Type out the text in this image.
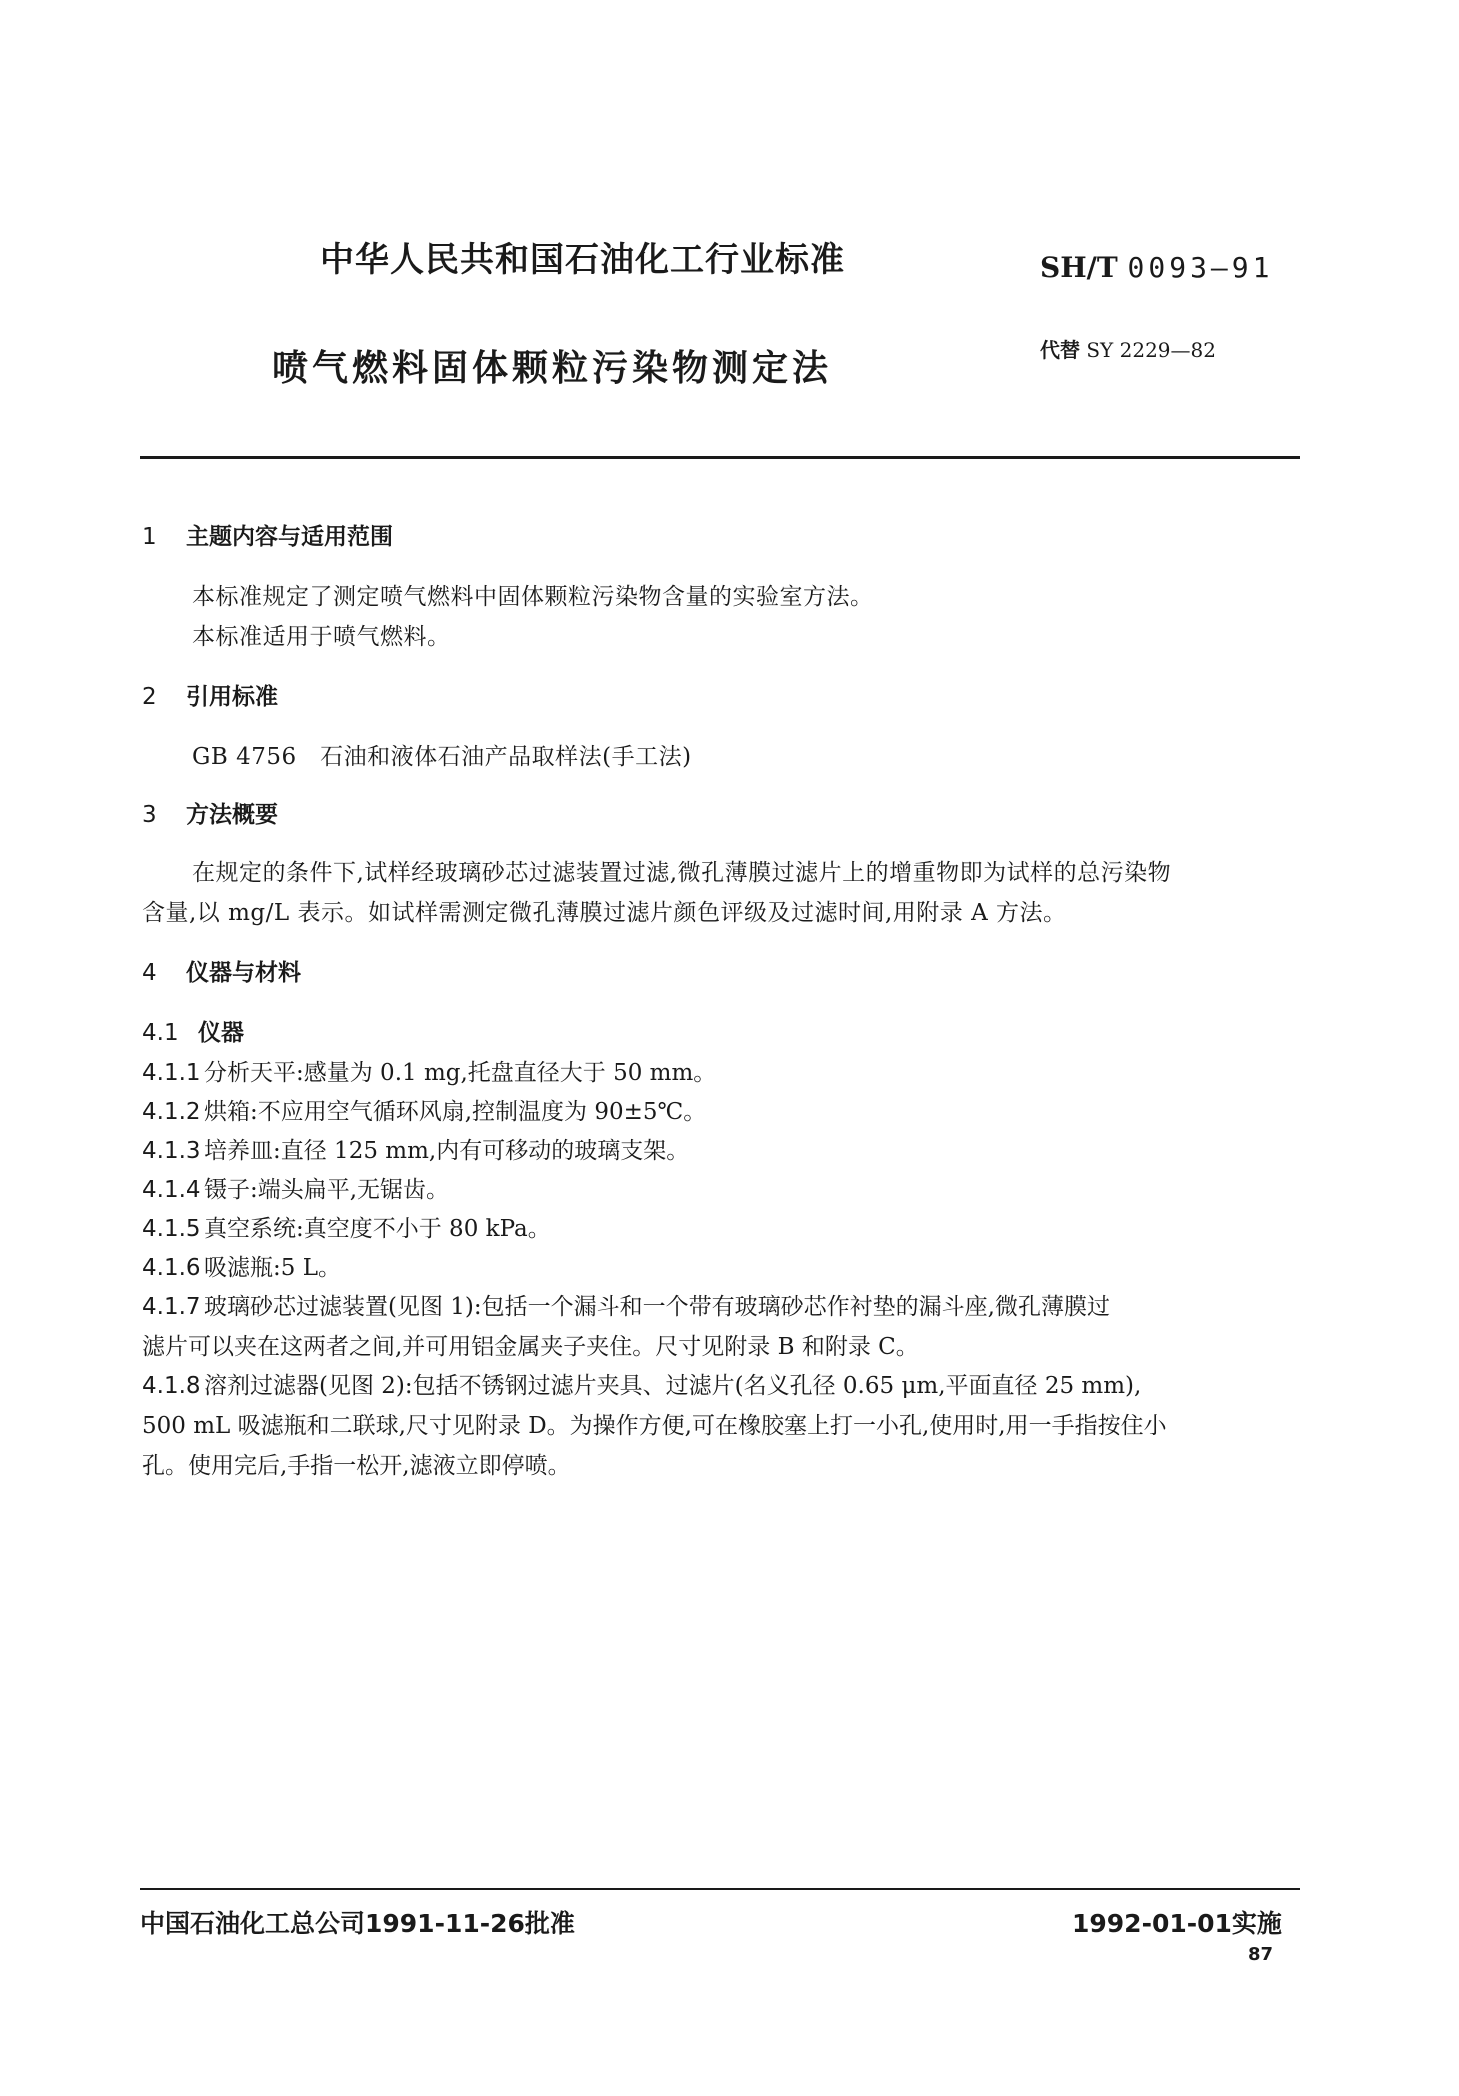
中华人民共和国石油化工行业标准	SH/T 0093—91
喷气燃料固体颗粒污染物测定法	代替 SY 2229—82
1 主题内容与适用范围
本标准规定了测定喷气燃料中固体颗粒污染物含量的实验室方法。
本标准适用于喷气燃料。
2 引用标准
GB 4756　石油和液体石油产品取样法(手工法)
3 方法概要
在规定的条件下,试样经玻璃砂芯过滤装置过滤,微孔薄膜过滤片上的增重物即为试样的总污染物
含量,以 mg/L 表示。如试样需测定微孔薄膜过滤片颜色评级及过滤时间,用附录 A 方法。
4 仪器与材料
4.1 仪器
4.1.1 分析天平:感量为 0.1 mg,托盘直径大于 50 mm。
4.1.2 烘箱:不应用空气循环风扇,控制温度为 90±5℃。
4.1.3 培养皿:直径 125 mm,内有可移动的玻璃支架。
4.1.4 镊子:端头扁平,无锯齿。
4.1.5 真空系统:真空度不小于 80 kPa。
4.1.6 吸滤瓶:5 L。
4.1.7 玻璃砂芯过滤装置(见图 1):包括一个漏斗和一个带有玻璃砂芯作衬垫的漏斗座,微孔薄膜过
滤片可以夹在这两者之间,并可用铝金属夹子夹住。尺寸见附录 B 和附录 C。
4.1.8 溶剂过滤器(见图 2):包括不锈钢过滤片夹具、过滤片(名义孔径 0.65 μm,平面直径 25 mm),
500 mL 吸滤瓶和二联球,尺寸见附录 D。为操作方便,可在橡胶塞上打一小孔,使用时,用一手指按住小
孔。使用完后,手指一松开,滤液立即停喷。
中国石油化工总公司1991-11-26批准	1992-01-01实施
87
